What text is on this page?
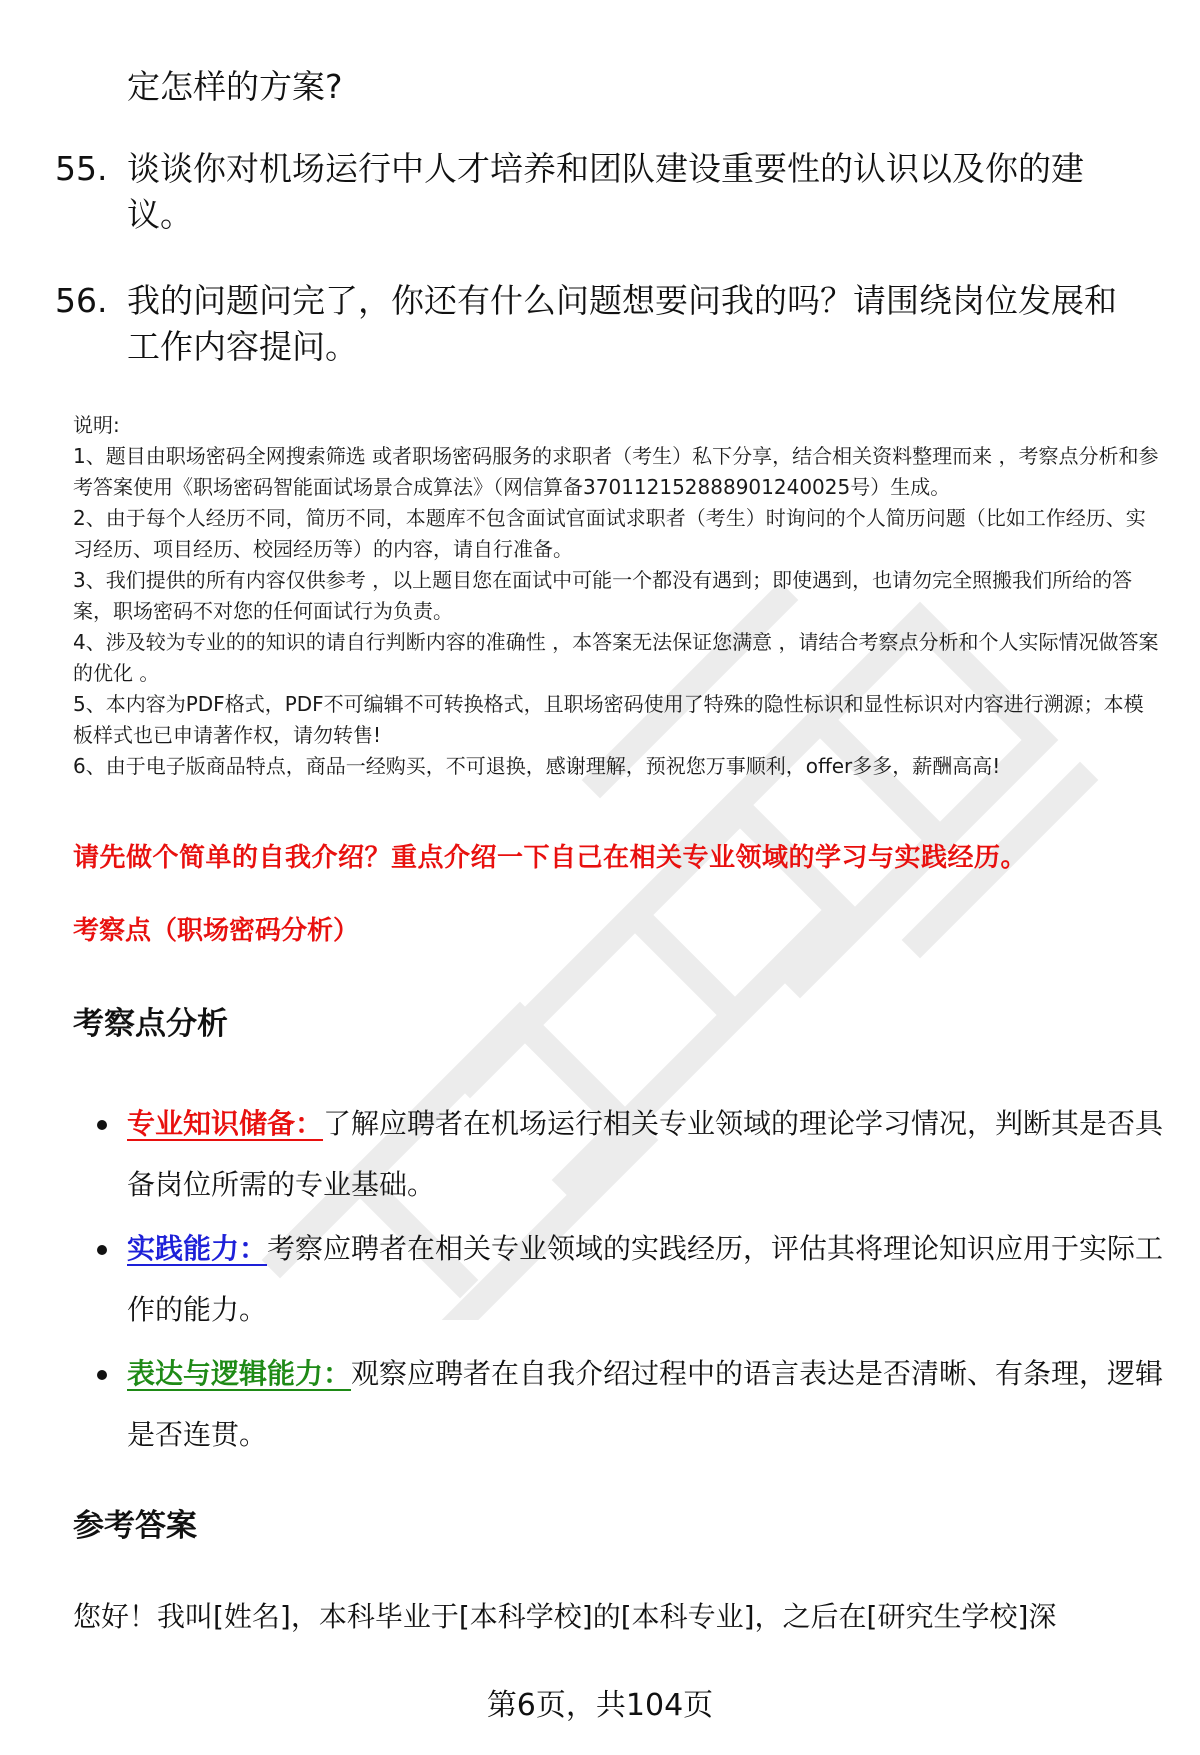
定怎样的方案?
55. 谈谈你对机场运行中人才培养和团队建设重要性的认识以及你的建议。
56. 我的问题问完了，你还有什么问题想要问我的吗？请围绕岗位发展和工作内容提问。

说明:

1、题目由职场密码全网搜索筛选 或者职场密码服务的求职者（考生）私下分享，结合相关资料整理而来 ，考察点分析和参考答案使用《职场密码智能面试场景合成算法》（网信算备370112152888901240025号）生成。

2、由于每个人经历不同，简历不同，本题库不包含面试官面试求职者（考生）时询问的个人简历问题（比如工作经历、实习经历、项目经历、校园经历等）的内容，请自行准备。

3、我们提供的所有内容仅供参考 ，以上题目您在面试中可能一个都没有遇到；即使遇到，也请勿完全照搬我们所给的答案，职场密码不对您的任何面试行为负责。

4、涉及较为专业的的知识的请自行判断内容的准确性 ，本答案无法保证您满意 ，请结合考察点分析和个人实际情况做答案的优化 。

5、本内容为PDF格式，PDF不可编辑不可转换格式，且职场密码使用了特殊的隐性标识和显性标识对内容进行溯源；本模板样式也已申请著作权，请勿转售!

6、由于电子版商品特点，商品一经购买，不可退换，感谢理解，预祝您万事顺利，offer多多，薪酬高高!

请先做个简单的自我介绍？重点介绍一下自己在相关专业领域的学习与实践经历。
考察点（职场密码分析）
考察点分析
专业知识储备：了解应聘者在机场运行相关专业领域的理论学习情况，判断其是否具备岗位所需的专业基础。
实践能力：考察应聘者在相关专业领域的实践经历，评估其将理论知识应用于实际工作的能力。
表达与逻辑能力：观察应聘者在自我介绍过程中的语言表达是否清晰、有条理，逻辑是否连贯。
参考答案
您好！我叫[姓名]，本科毕业于[本科学校]的[本科专业]，之后在[研究生学校]深
第6页，共104页
